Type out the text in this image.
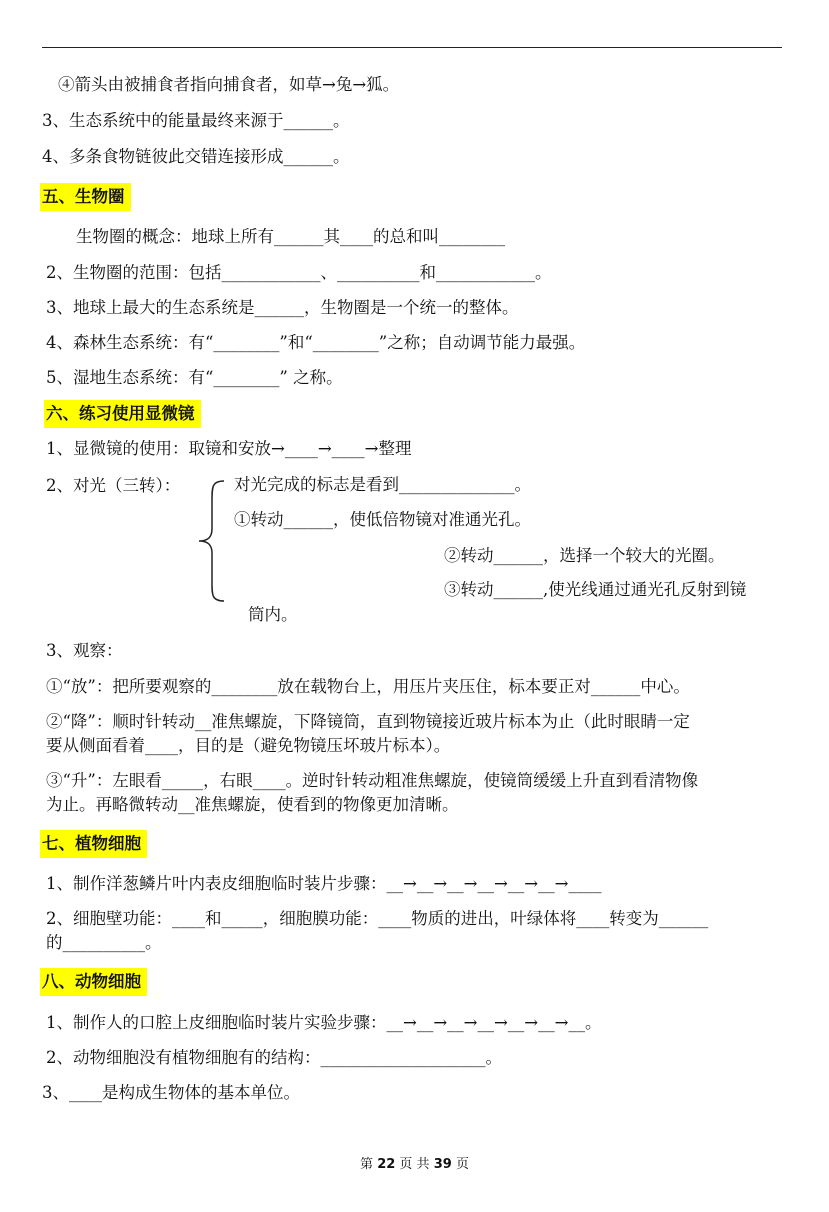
④箭头由被捕食者指向捕食者，如草→兔→狐。
3、生态系统中的能量最终来源于______。
4、多条食物链彼此交错连接形成______。
五、生物圈
生物圈的概念：地球上所有______其____的总和叫________
2、生物圈的范围：包括____________、__________和____________。
3、地球上最大的生态系统是______，生物圈是一个统一的整体。
4、森林生态系统：有“________”和“________”之称；自动调节能力最强。
5、湿地生态系统：有“________” 之称。
六、练习使用显微镜
1、显微镜的使用：取镜和安放→____→____→整理
2、对光（三转）：	对光完成的标志是看到______________。
①转动______，使低倍物镜对准通光孔。
②转动______，选择一个较大的光圈。
③转动______,使光线通过通光孔反射到镜
筒内。
3、观察：
①“放”：把所要观察的________放在载物台上，用压片夹压住，标本要正对______中心。
②“降”：顺时针转动__准焦螺旋，下降镜筒，直到物镜接近玻片标本为止（此时眼睛一定
要从侧面看着____，目的是（避免物镜压坏玻片标本）。
③“升”：左眼看_____，右眼____。逆时针转动粗准焦螺旋，使镜筒缓缓上升直到看清物像
为止。再略微转动__准焦螺旋，使看到的物像更加清晰。
七、植物细胞
1、制作洋葱鳞片叶内表皮细胞临时装片步骤：__→__→__→__→__→__→____
2、细胞壁功能：____和_____，细胞膜功能：____物质的进出，叶绿体将____转变为______
的__________。
八、动物细胞
1、制作人的口腔上皮细胞临时装片实验步骤：__→__→__→__→__→__→__。
2、动物细胞没有植物细胞有的结构：____________________。
3、____是构成生物体的基本单位。
第 22 页 共 39 页
